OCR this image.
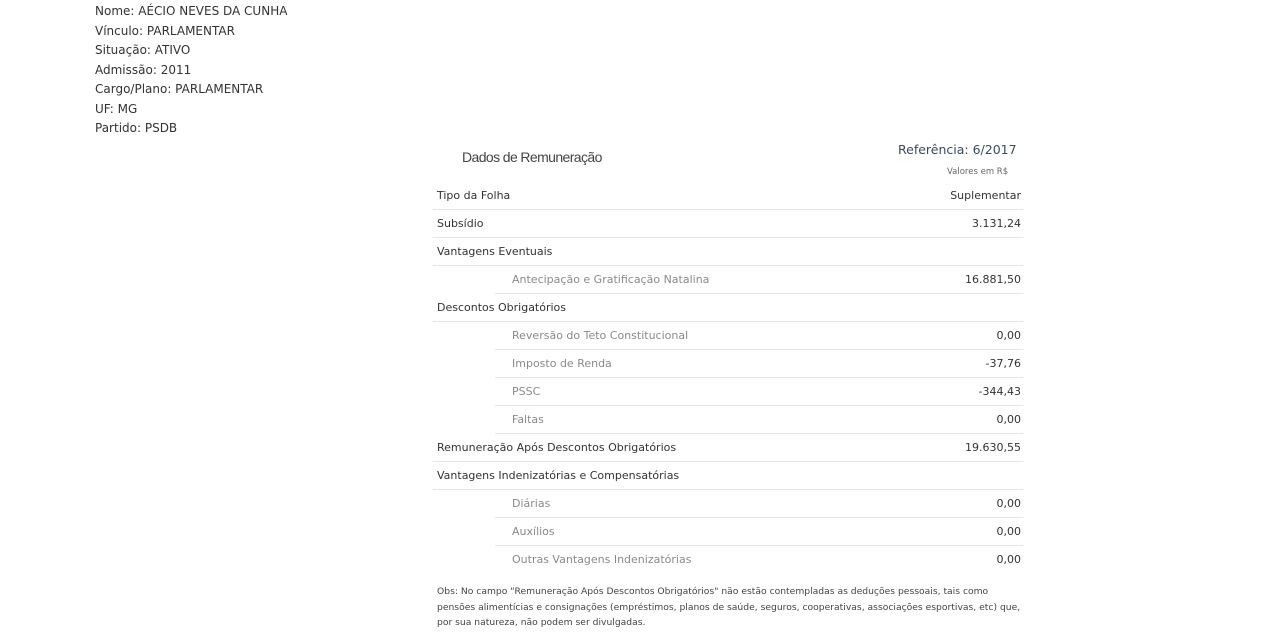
Nome: AÉCIO NEVES DA CUNHA
Vínculo: PARLAMENTAR
Situação: ATIVO
Admissão: 2011
Cargo/Plano: PARLAMENTAR
UF: MG
Partido: PSDB
Dados de Remuneração	Referência: 6/2017
Valores em R$
Tipo da Folha	Suplementar
Subsídio	3.131,24
Vantagens Eventuais
Antecipação e Gratificação Natalina	16.881,50
Descontos Obrigatórios
Reversão do Teto Constitucional	0,00
Imposto de Renda	-37,76
PSSC	-344,43
Faltas	0,00
Remuneração Após Descontos Obrigatórios	19.630,55
Vantagens Indenizatórias e Compensatórias
Diárias	0,00
Auxílios	0,00
Outras Vantagens Indenizatórias	0,00
Obs: No campo "Remuneração Após Descontos Obrigatórios" não estão contempladas as deduções pessoais, tais como
pensões alimentícias e consignações (empréstimos, planos de saúde, seguros, cooperativas, associações esportivas, etc) que,
por sua natureza, não podem ser divulgadas.
